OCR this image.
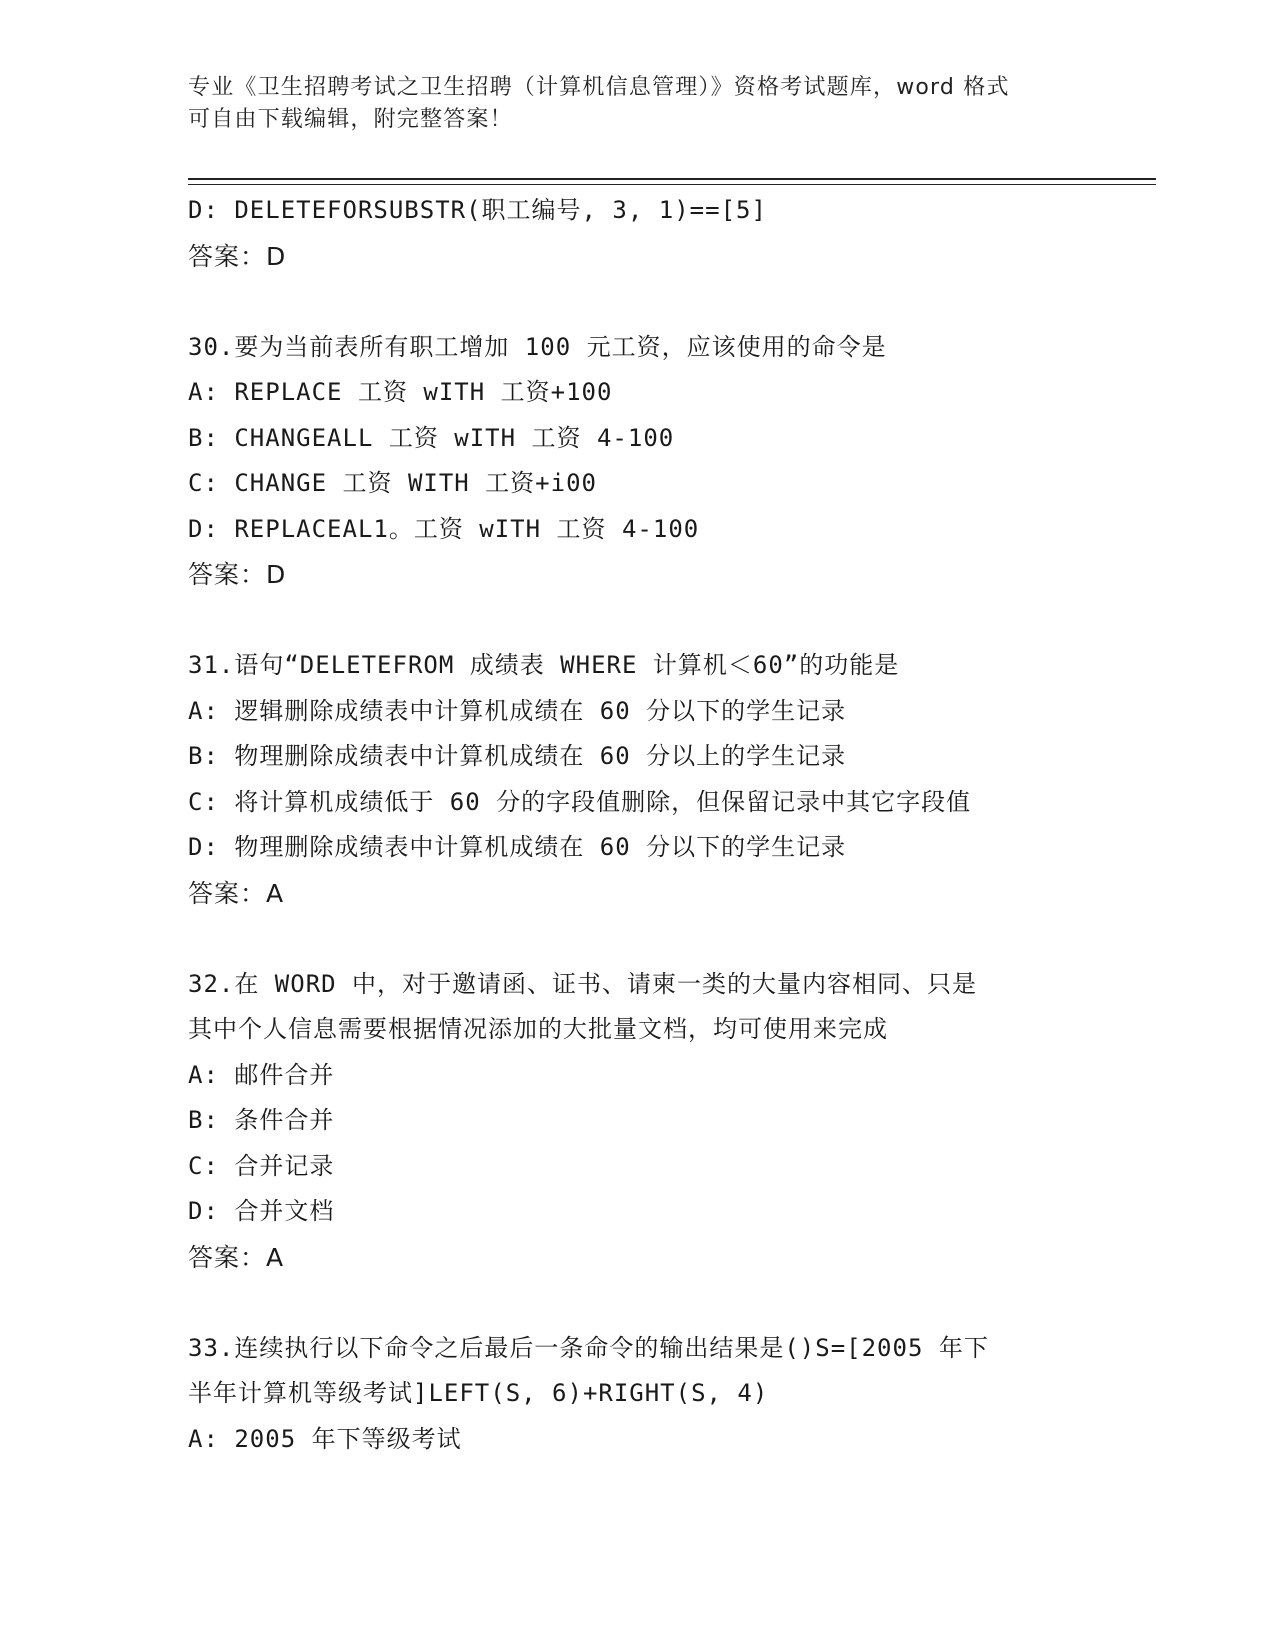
专业《卫生招聘考试之卫生招聘（计算机信息管理）》资格考试题库，word 格式
可自由下载编辑，附完整答案！
D: DELETEFORSUBSTR(职工编号, 3, 1)==[5]
答案：D
30.要为当前表所有职工增加 100 元工资，应该使用的命令是
A: REPLACE 工资 wITH 工资+100
B: CHANGEALL 工资 wITH 工资 4-100
C: CHANGE 工资 WITH 工资+i00
D: REPLACEAL1。工资 wITH 工资 4-100
答案：D
31.语句“DELETEFROM 成绩表 WHERE 计算机＜60”的功能是
A: 逻辑删除成绩表中计算机成绩在 60 分以下的学生记录
B: 物理删除成绩表中计算机成绩在 60 分以上的学生记录
C: 将计算机成绩低于 60 分的字段值删除，但保留记录中其它字段值
D: 物理删除成绩表中计算机成绩在 60 分以下的学生记录
答案：A
32.在 WORD 中，对于邀请函、证书、请柬一类的大量内容相同、只是
其中个人信息需要根据情况添加的大批量文档，均可使用来完成
A: 邮件合并
B: 条件合并
C: 合并记录
D: 合并文档
答案：A
33.连续执行以下命令之后最后一条命令的输出结果是()S=[2005 年下
半年计算机等级考试]LEFT(S, 6)+RIGHT(S, 4)
A: 2005 年下等级考试
